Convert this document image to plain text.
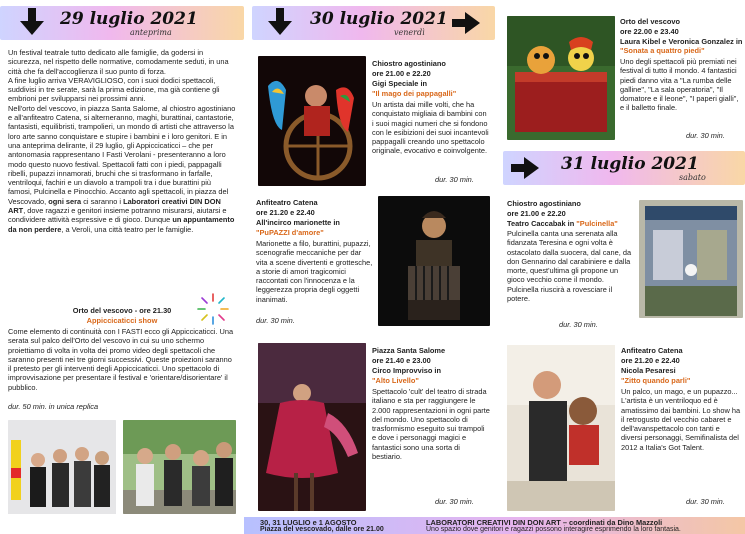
29 luglio 2021
anteprima

Un festival teatrale tutto dedicato alle famiglie, da godersi in sicurezza, nel rispetto delle normative, comodamente seduti, in una città che fa dell'accoglienza il suo punto di forza.

A fine luglio arriva VERAVIGLIOSO, con i suoi dodici spettacoli, suddivisi in tre serate, sarà la prima edizione, ma già contiene gli embrioni per svilupparsi nei prossimi anni.

Nell'orto del vescovo, in piazza Santa Salome, al chiostro agostiniano e all'anfiteatro Catena, si alterneranno, maghi, burattinai, cantastorie, fantasisti, equilibristi, trampolieri, un mondo di artisti che attraverso la loro arte sanno conquistare e stupire i bambini e i loro genitori. E in una anteprima delirante, il 29 luglio, gli Appiccicaticci – che per antonomasia rappresentano I Fasti Verolani - presenteranno a loro modo questo nuovo festival. Spettacoli fatti con i piedi, pappagalli ribelli, pupazzi innamorati, bruchi che si trasformano in farfalle, ventriloqui, fachiri e un diavolo a trampoli tra i due burattini più famosi, Pulcinella e Pinocchio. Accanto agli spettacoli, in piazza del Vescovado, ogni sera ci saranno i Laboratori creativi DIN DON ART, dove ragazzi e genitori insieme potranno misurarsi, aiutarsi e condividere attività espressive e di gioco. Dunque un appuntamento da non perdere, a Veroli, una città teatro per le famiglie.

Orto del vescovo - ore 21.30
Appiccicaticci show
Come elemento di continuità con I FASTI ecco gli Appiccicaticci. Una serata sul palco dell'Orto del vescovo in cui su uno schermo proiettiamo di volta in volta dei promo video degli spettacoli che saranno presenti nei tre giorni successivi. Queste proiezioni saranno il pretesto per gli interventi degli Appiccicaticci. Uno spettacolo di improvvisazione per presentare il festival e 'orientare/disorientare' il pubblico.
dur. 50 min. in unica replica
30 luglio 2021
venerdì
Chiostro agostiniano
ore 21.00 e 22.20
Gigi Speciale in
"Il mago dei pappagalli"
Un artista dai mille volti, che ha conquistato migliaia di bambini con i suoi magici numeri che si fondono con le esibizioni dei suoi incantevoli pappagalli creando uno spettacolo originale, evocativo e coinvolgente.
dur. 30 min.
Anfiteatro Catena
ore 21.20 e 22.40
All'incirco marionette in
"PuPAZZI d'amore"
Marionette a filo, burattini, pupazzi, scenografie meccaniche per dar vita a scene divertenti e grottesche, a storie di amori tragicomici raccontati con l'innocenza e la leggerezza propria degli oggetti inanimati.
dur. 30 min.
Piazza Santa Salome
ore 21.40 e 23.00
Circo Improvviso in
"Alto Livello"
Spettacolo 'cult' del teatro di strada italiano e sta per raggiungere le 2.000 rappresentazioni in ogni parte del mondo. Uno spettacolo di trasformismo eseguito sui trampoli e dove i personaggi magici e fantastici sono una sorta di bestiario.
dur. 30 min.
Orto del vescovo
ore 22.00 e 23.40
Laura Kibel e Veronica Gonzalez in "Sonata a quattro piedi"
Uno degli spettacoli più premiati nei festival di tutto il mondo. 4 fantastici piedi danno vita a "La rumba delle galline", "La sala operatoria", "Il domatore e il leone", "I paperi gialli", e il balletto finale.
dur. 30 min.
31 luglio 2021
sabato
Chiostro agostiniano
ore 21.00 e 22.20
Teatro Caccabak in "Pulcinella"
Pulcinella canta una serenata alla fidanzata Teresina e ogni volta è ostacolato dalla suocera, dal cane, da don Gennarino dal carabiniere e dalla morte, quest'ultima gli propone un gioco vecchio come il mondo. Pulcinella riuscirà a rovesciare il potere.
dur. 30 min.
Anfiteatro Catena
ore 21.20 e 22.40
Nicola Pesaresi
"Zitto quando parli"
Un palco, un mago, e un pupazzo... L'artista è un ventriloquo ed è amatissimo dai bambini. Lo show ha il retrogusto del vecchio cabaret e dell'avanspettacolo con tanti e diversi personaggi, Semifinalista del 2012 a Italia's Got Talent.
dur. 30 min.
30, 31 LUGLIO e 1 AGOSTO
Piazza del vescovado, dalle ore 21.00
LABORATORI CREATIVI DIN DON ART – coordinati da Dino Mazzoli
Uno spazio dove genitori e ragazzi possono interagire esprimendo la loro fantasia.
